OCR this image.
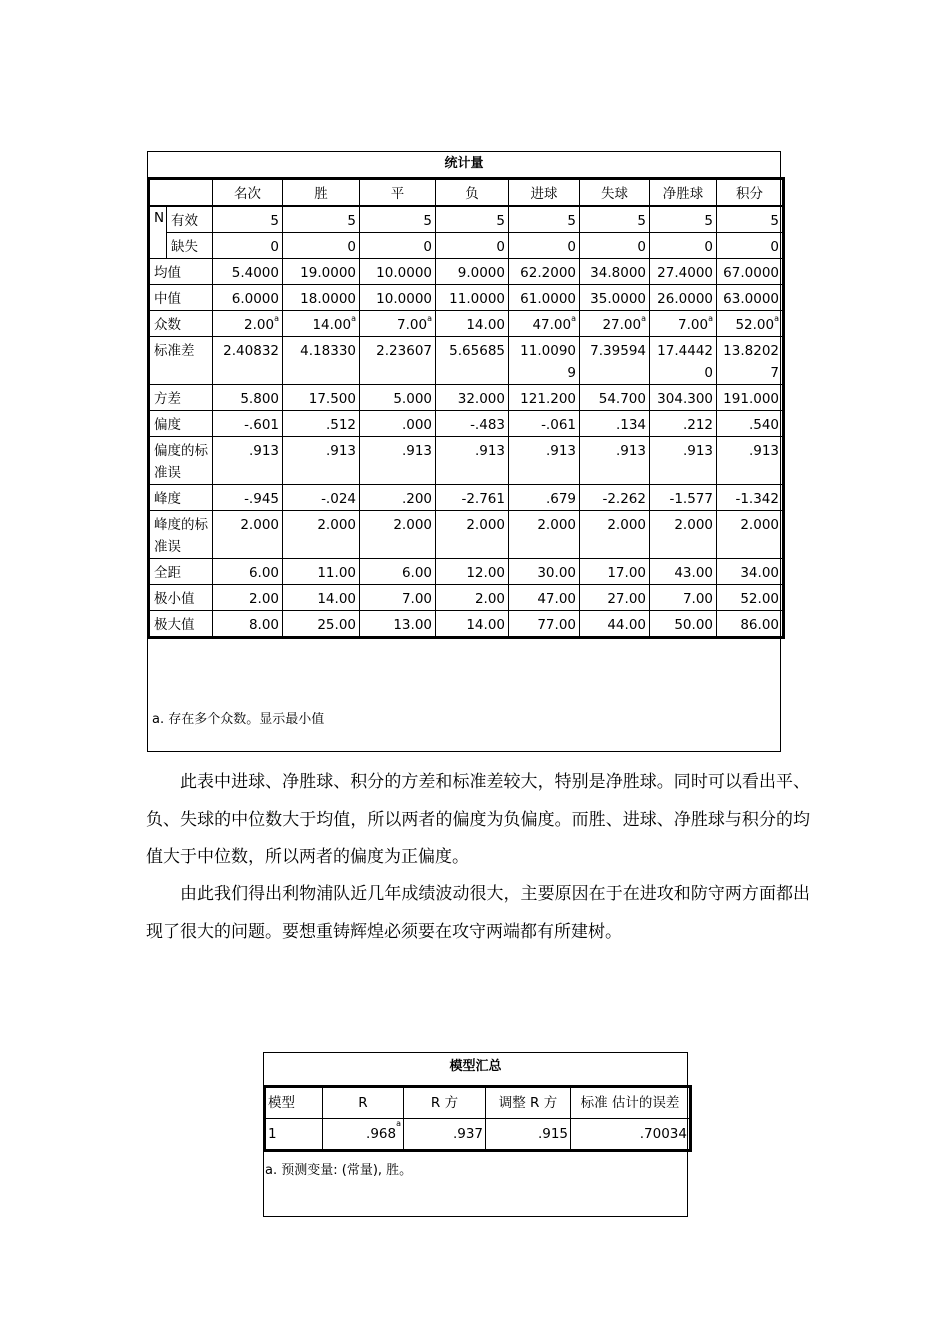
统计量
		名次	胜	平	负	进球	失球	净胜球	积分
N	有效	5	5	5	5	5	5	5	5
	缺失	0	0	0	0	0	0	0	0
均值		5.4000	19.0000	10.0000	9.0000	62.2000	34.8000	27.4000	67.0000
中值		6.0000	18.0000	10.0000	11.0000	61.0000	35.0000	26.0000	63.0000
众数		2.00$^a$	14.00$^a$	7.00$^a$	14.00	47.00$^a$	27.00$^a$	7.00$^a$	52.00$^a$
标准差		2.40832	4.18330	2.23607	5.65685	11.00909	7.39594	17.44420	13.82027
方差		5.800	17.500	5.000	32.000	121.200	54.700	304.300	191.000
偏度		-.601	.512	.000	-.483	-.061	.134	.212	.540
偏度的标准误		.913	.913	.913	.913	.913	.913	.913	.913
峰度		-.945	-.024	.200	-2.761	.679	-2.262	-1.577	-1.342
峰度的标准误		2.000	2.000	2.000	2.000	2.000	2.000	2.000	2.000
全距		6.00	11.00	6.00	12.00	30.00	17.00	43.00	34.00
极小值		2.00	14.00	7.00	2.00	47.00	27.00	7.00	52.00
极大值		8.00	25.00	13.00	14.00	77.00	44.00	50.00	86.00
a. 存在多个众数。显示最小值

此表中进球、净胜球、积分的方差和标准差较大，特别是净胜球。同时可以看出平、负、失球的中位数大于均值，所以两者的偏度为负偏度。而胜、进球、净胜球与积分的均值大于中位数，所以两者的偏度为正偏度。

由此我们得出利物浦队近几年成绩波动很大，主要原因在于在进攻和防守两方面都出现了很大的问题。要想重铸辉煌必须要在攻守两端都有所建树。

模型汇总
模型	R	R 方	调整 R 方	标准 估计的误差
1	.968$^a$	.937	.915	.70034
a. 预测变量: (常量), 胜。
